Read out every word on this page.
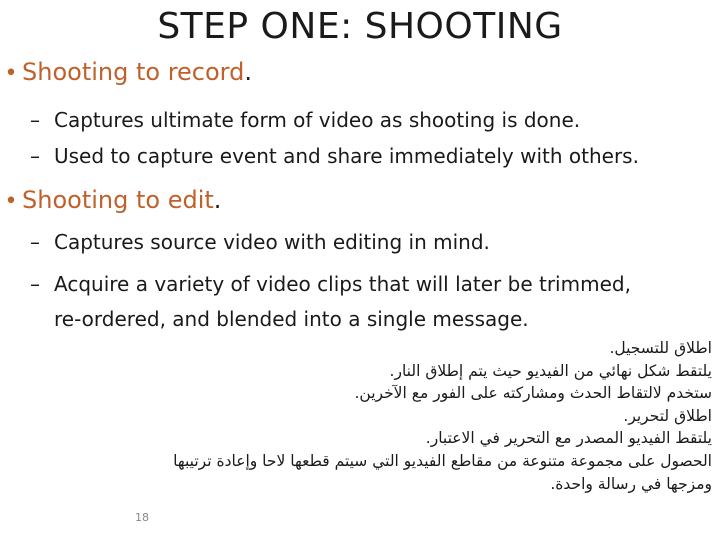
STEP ONE: SHOOTING
• Shooting to record.
– Captures ultimate form of video as shooting is done.
– Used to capture event and share immediately with others.
• Shooting to edit.
– Captures source video with editing in mind.
– Acquire a variety of video clips that will later be trimmed,
re-ordered, and blended into a single message.
اطلاق للتسجيل.
يلتقط شكل نهائي من الفيديو حيث يتم إطلاق النار.
ستخدم لالتقاط الحدث ومشاركته على الفور مع الآخرين.
اطلاق لتحرير.
يلتقط الفيديو المصدر مع التحرير في الاعتبار.
الحصول على مجموعة متنوعة من مقاطع الفيديو التي سيتم قطعها لاحا وإعادة ترتيبها
ومزجها في رسالة واحدة.
18
